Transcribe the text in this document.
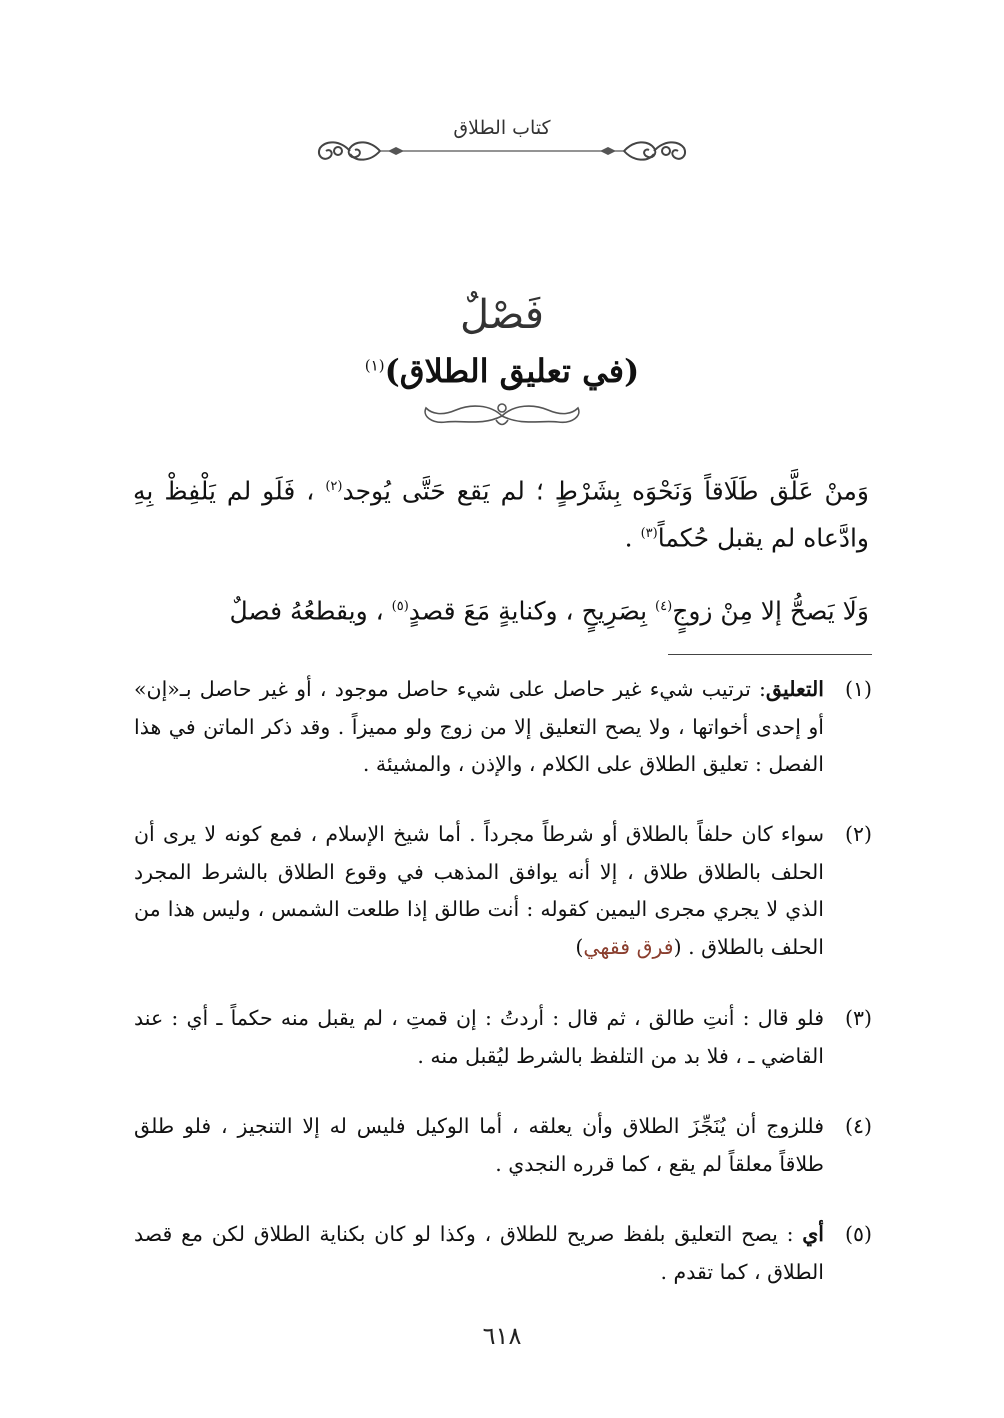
كتاب الطلاق
فَصْلٌ
(في تعليق الطلاق)$^{(١)}$
وَمنْ عَلَّق طَلَاقاً وَنَحْوَه بِشَرْطٍ ؛ لم يَقع حَتَّى يُوجد$^{(٢)}$ ، فَلَو لم يَلْفِظْ بِهِ وادَّعاه لم يقبل حُكماً$^{(٣)}$ .
وَلَا يَصحُّ إلا مِنْ زوجٍ$^{(٤)}$ بِصَرِيحٍ ، وكنايةٍ مَعَ قصدٍ$^{(٥)}$ ، ويقطعُهُ فصلٌ
(١)
التعليق: ترتيب شيء غير حاصل على شيء حاصل موجود ، أو غير حاصل بـ«إن» أو إحدى أخواتها ، ولا يصح التعليق إلا من زوج ولو مميزاً . وقد ذكر الماتن في هذا الفصل : تعليق الطلاق على الكلام ، والإذن ، والمشيئة .
(٢)
سواء كان حلفاً بالطلاق أو شرطاً مجرداً . أما شيخ الإسلام ، فمع كونه لا يرى أن الحلف بالطلاق طلاق ، إلا أنه يوافق المذهب في وقوع الطلاق بالشرط المجرد الذي لا يجري مجرى اليمين كقوله : أنت طالق إذا طلعت الشمس ، وليس هذا من الحلف بالطلاق . (فرق فقهي)
(٣)
فلو قال : أنتِ طالق ، ثم قال : أردتُ : إن قمتِ ، لم يقبل منه حكماً ـ أي : عند القاضي ـ ، فلا بد من التلفظ بالشرط ليُقبل منه .
(٤)
فللزوج أن يُنَجِّزَ الطلاق وأن يعلقه ، أما الوكيل فليس له إلا التنجيز ، فلو طلق طلاقاً معلقاً لم يقع ، كما قرره النجدي .
(٥)
أي : يصح التعليق بلفظ صريح للطلاق ، وكذا لو كان بكناية الطلاق لكن مع قصد الطلاق ، كما تقدم .
٦١٨
